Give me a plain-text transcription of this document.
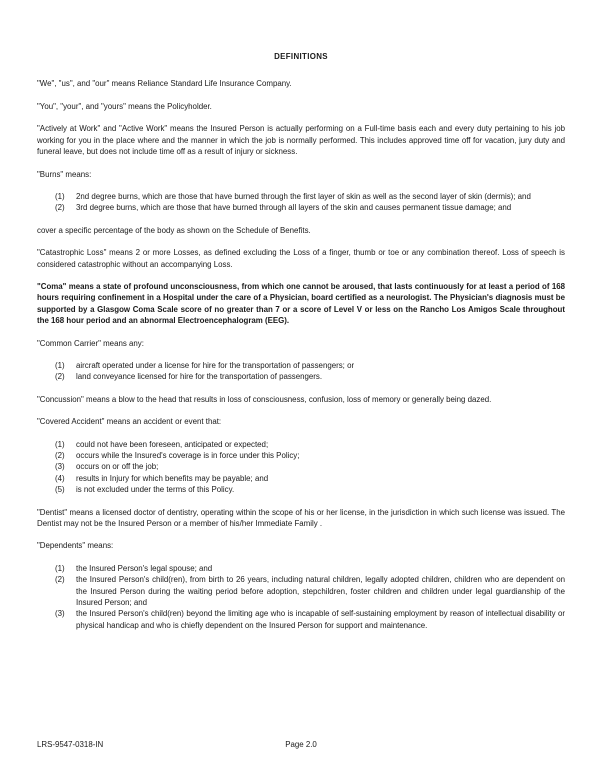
DEFINITIONS

"We", "us", and "our" means Reliance Standard Life Insurance Company.

"You", "your", and "yours" means the Policyholder.

"Actively at Work" and "Active Work" means the Insured Person is actually performing on a Full-time basis each and every duty pertaining to his job working for you in the place where and the manner in which the job is normally performed. This includes approved time off for vacation, jury duty and funeral leave, but does not include time off as a result of injury or sickness.

"Burns" means:

(1)	2nd degree burns, which are those that have burned through the first layer of skin as well as the second layer of skin (dermis); and
(2)	3rd degree burns, which are those that have burned through all layers of the skin and causes permanent tissue damage; and

cover a specific percentage of the body as shown on the Schedule of Benefits.

"Catastrophic Loss" means 2 or more Losses, as defined excluding the Loss of a finger, thumb or toe or any combination thereof. Loss of speech is considered catastrophic without an accompanying Loss.

"Coma" means a state of profound unconsciousness, from which one cannot be aroused, that lasts continuously for at least a period of 168 hours requiring confinement in a Hospital under the care of a Physician, board certified as a neurologist. The Physician's diagnosis must be supported by a Glasgow Coma Scale score of no greater than 7 or a score of Level V or less on the Rancho Los Amigos Scale throughout the 168 hour period and an abnormal Electroencephalogram (EEG).

"Common Carrier" means any:

(1)	aircraft operated under a license for hire for the transportation of passengers; or
(2)	land conveyance licensed for hire for the transportation of passengers.

"Concussion" means a blow to the head that results in loss of consciousness, confusion, loss of memory or generally being dazed.

"Covered Accident" means an accident or event that:

(1)	could not have been foreseen, anticipated or expected;
(2)	occurs while the Insured's coverage is in force under this Policy;
(3)	occurs on or off the job;
(4)	results in Injury for which benefits may be payable; and
(5)	is not excluded under the terms of this Policy.

"Dentist" means a licensed doctor of dentistry, operating within the scope of his or her license, in the jurisdiction in which such license was issued. The Dentist may not be the Insured Person or a member of his/her Immediate Family .

"Dependents" means:

(1)	the Insured Person's legal spouse; and
(2)	the Insured Person's child(ren), from birth to 26 years, including natural children, legally adopted children, children who are dependent on the Insured Person during the waiting period before adoption, stepchildren, foster children and children under legal guardianship of the Insured Person; and
(3)	the Insured Person's child(ren) beyond the limiting age who is incapable of self-sustaining employment by reason of intellectual disability or physical handicap and who is chiefly dependent on the Insured Person for support and maintenance.
LRS-9547-0318-IN	Page 2.0
